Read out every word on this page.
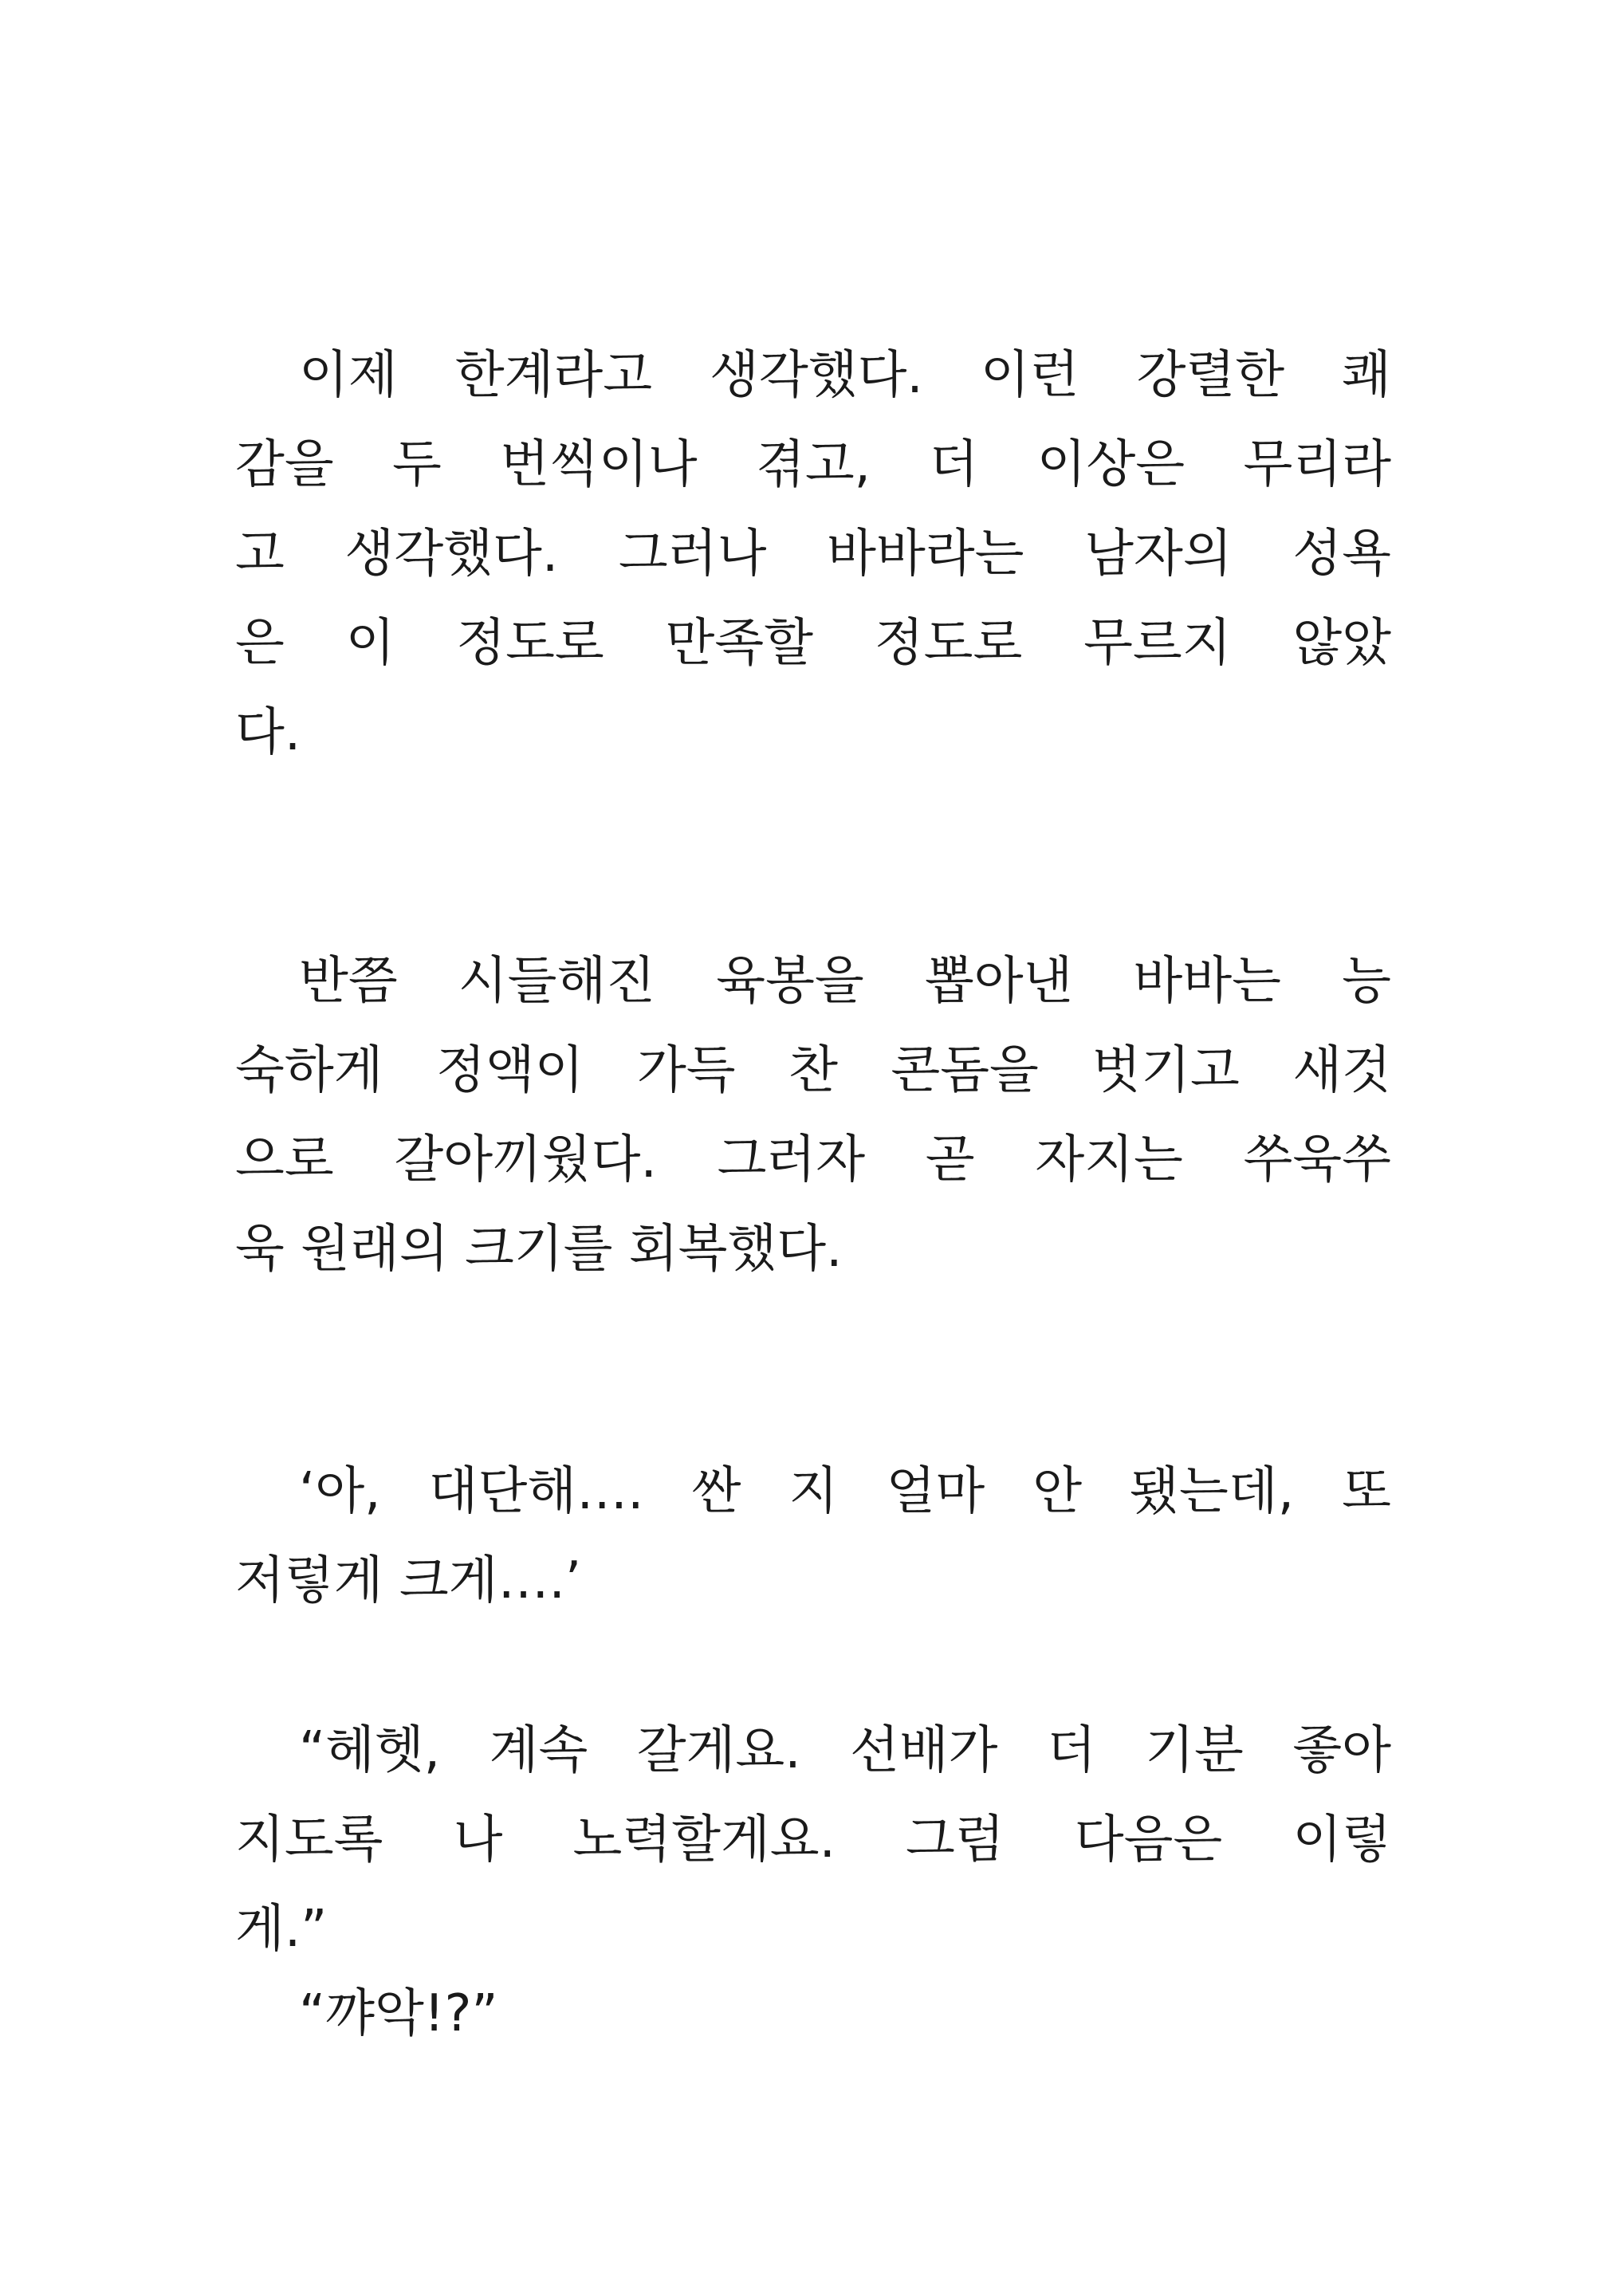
이제 한계라고 생각했다. 이런 강렬한 쾌
감을 두 번씩이나 겪고, 더 이상은 무리라
고 생각했다. 그러나 바바라는 남자의 성욕
은 이 정도로 만족할 정도로 무르지 않았
다.
반쯤 시들해진 육봉을 뽑아낸 바바는 능
숙하게 정액이 가득 찬 콘돔을 벗기고 새것
으로 갈아끼웠다. 그러자 곧 자지는 쑤욱쑤
욱 원래의 크기를 회복했다.
‘아, 대단해…. 싼 지 얼마 안 됐는데, 또
저렇게 크게….’
“헤헷, 계속 갈게요. 선배가 더 기분 좋아
지도록 나 노력할게요. 그럼 다음은 이렇
게.”
“꺄악!?”
